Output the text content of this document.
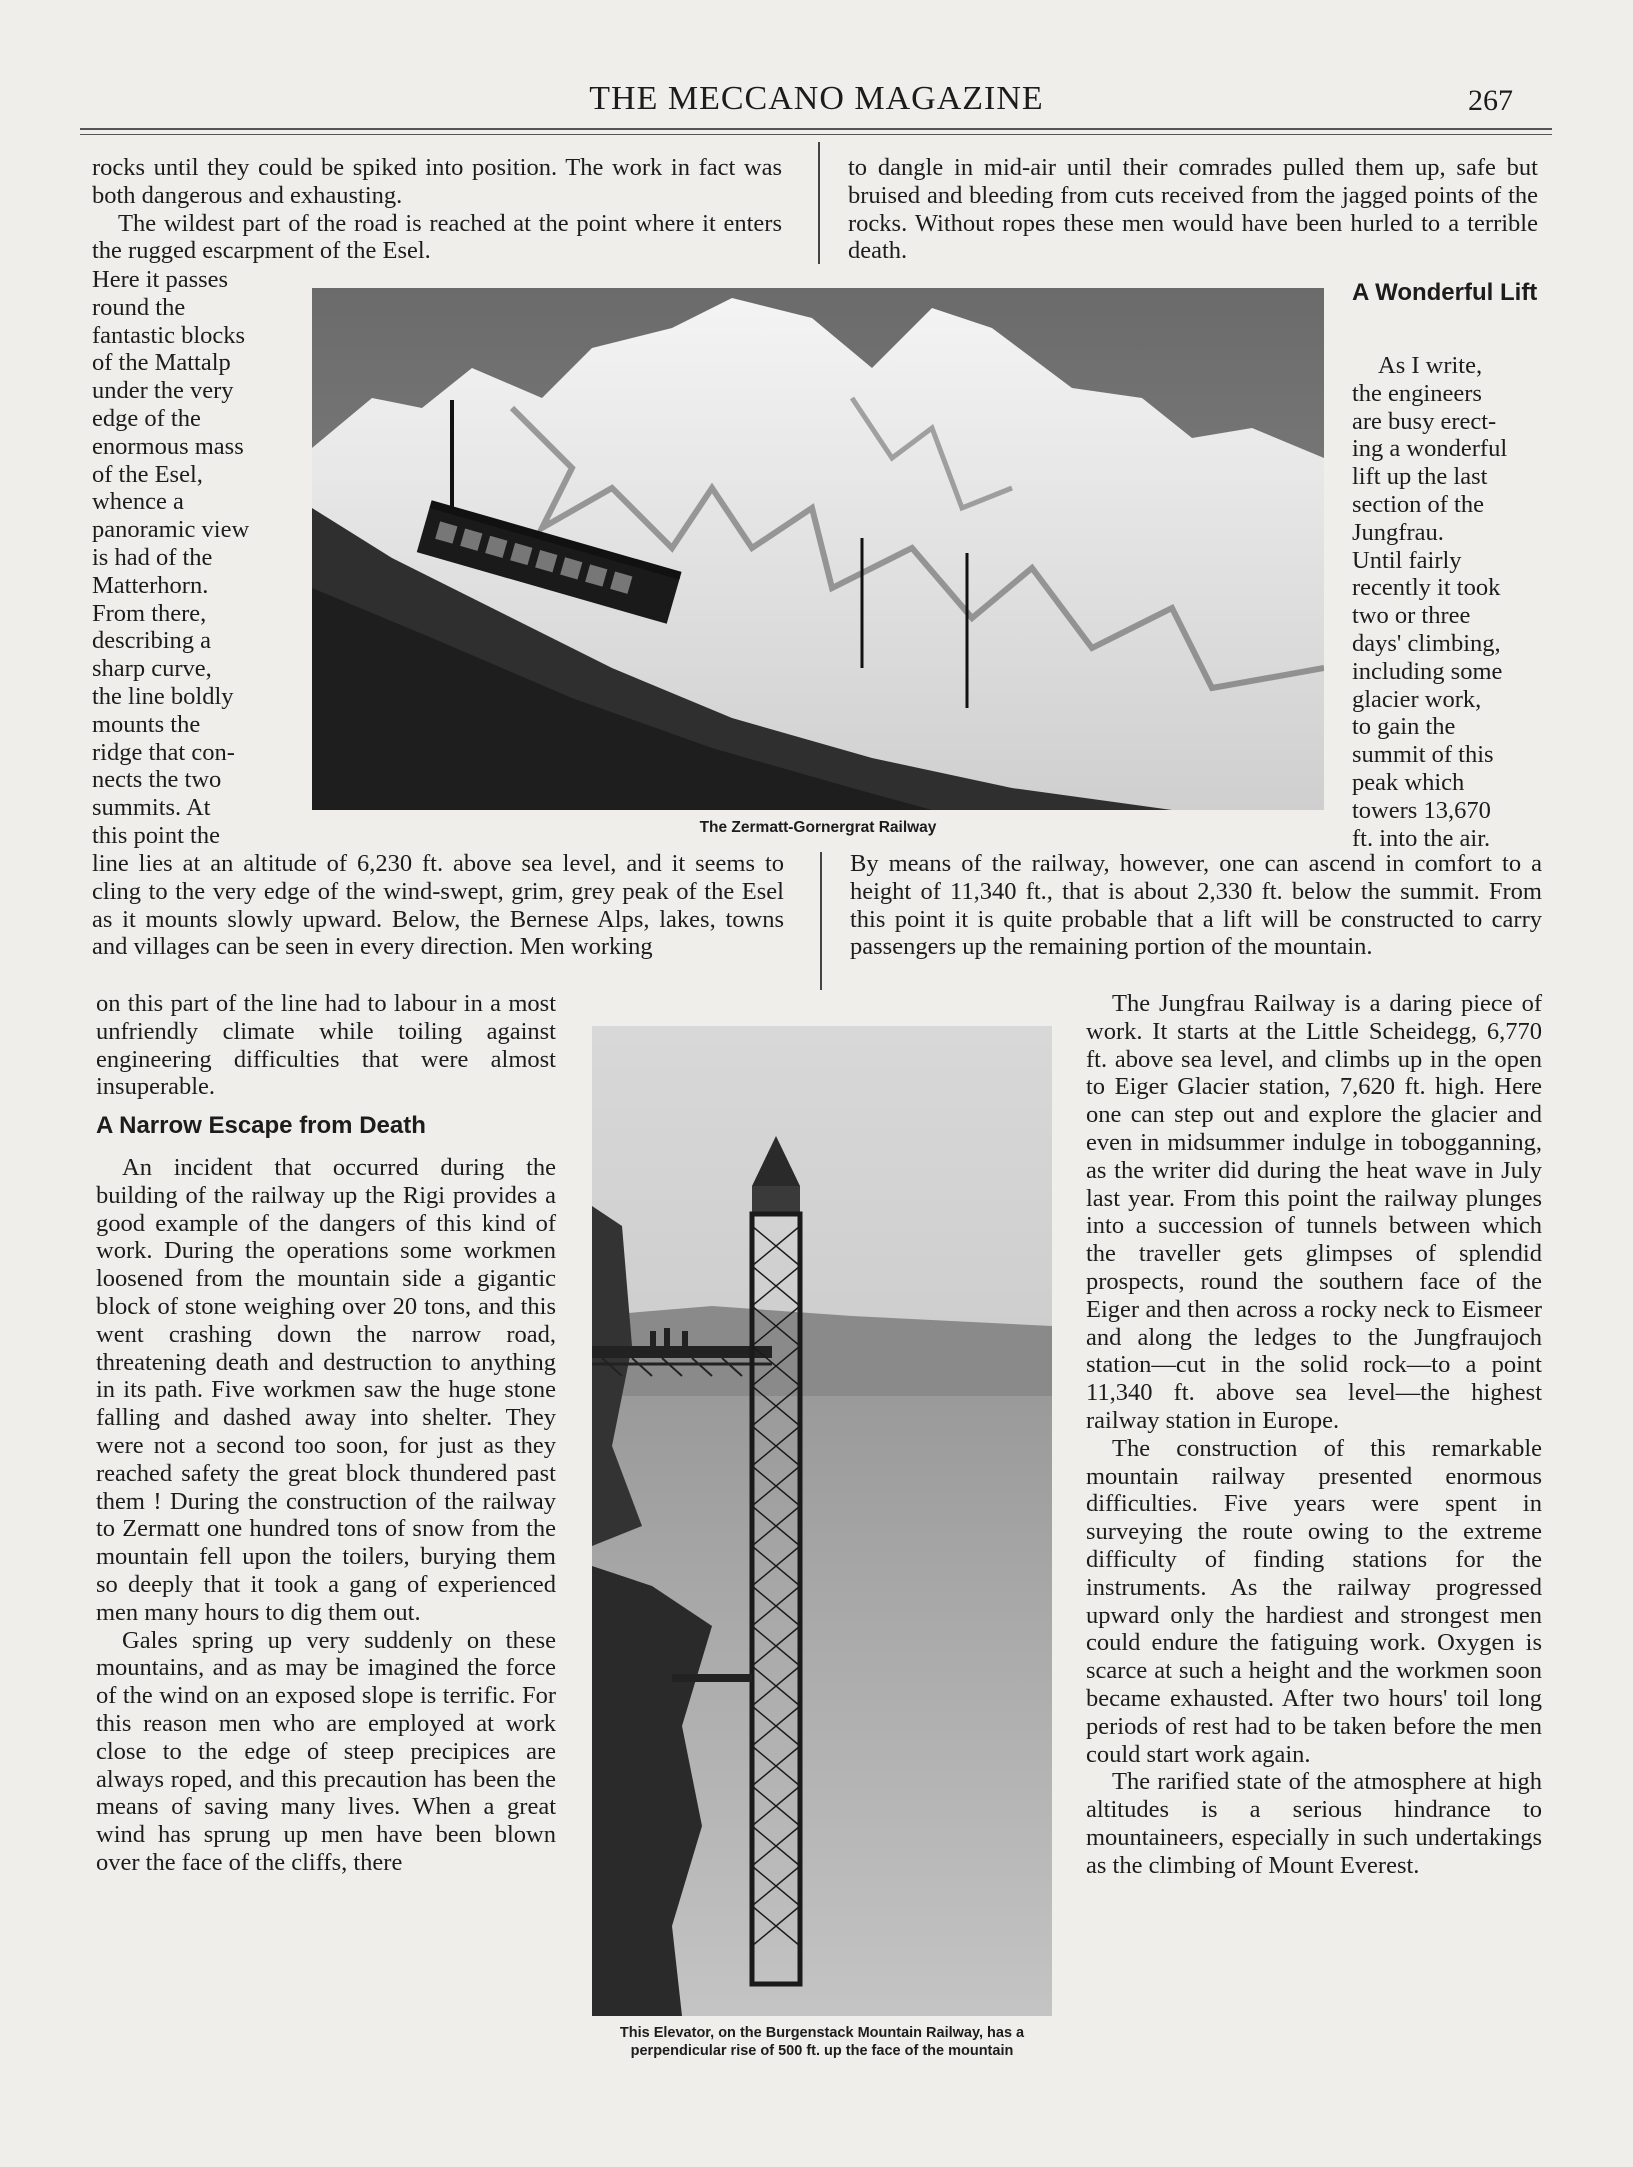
THE MECCANO MAGAZINE	267

rocks until they could be spiked into position. The work in fact was both dangerous and exhausting.

The wildest part of the road is reached at the point where it enters the rugged escarpment of the Esel.

to dangle in mid-air until their comrades pulled them up, safe but bruised and bleeding from cuts received from the jagged points of the rocks. Without ropes these men would have been hurled to a terrible death.

Here it passes
round the
fantastic blocks
of the Mattalp
under the very
edge of the
enormous mass
of the Esel,
whence a
panoramic view
is had of the
Matterhorn.
From there,
describing a
sharp curve,
the line boldly
mounts the
ridge that con-
nects the two
summits. At
this point the	The Zermatt-Gornergrat Railway
A Wonderful Lift
As I write,
the engineers
are busy erect-
ing a wonderful
lift up the last
section of the
Jungfrau.
Until fairly
recently it took
two or three
days' climbing,
including some
glacier work,
to gain the
summit of this
peak which
towers 13,670
ft. into the air.

line lies at an altitude of 6,230 ft. above sea level, and it seems to cling to the very edge of the wind-swept, grim, grey peak of the Esel as it mounts slowly upward. Below, the Bernese Alps, lakes, towns and villages can be seen in every direction. Men working

By means of the railway, however, one can ascend in comfort to a height of 11,340 ft., that is about 2,330 ft. below the summit. From this point it is quite probable that a lift will be constructed to carry passengers up the remaining portion of the mountain.

on this part of the line had to labour in a most unfriendly climate while toiling against engineering difficulties that were almost insuperable.

A Narrow Escape from Death

An incident that occurred during the building of the railway up the Rigi provides a good example of the dangers of this kind of work. During the operations some workmen loosened from the mountain side a gigantic block of stone weighing over 20 tons, and this went crashing down the narrow road, threatening death and destruction to anything in its path. Five workmen saw the huge stone falling and dashed away into shelter. They were not a second too soon, for just as they reached safety the great block thundered past them ! During the construction of the railway to Zermatt one hundred tons of snow from the mountain fell upon the toilers, burying them so deeply that it took a gang of experienced men many hours to dig them out.

Gales spring up very suddenly on these mountains, and as may be imagined the force of the wind on an exposed slope is terrific. For this reason men who are employed at work close to the edge of steep precipices are always roped, and this precaution has been the means of saving many lives. When a great wind has sprung up men have been blown over the face of the cliffs, there

This Elevator, on the Burgenstack Mountain Railway, has a perpendicular rise of 500 ft. up the face of the mountain

The Jungfrau Railway is a daring piece of work. It starts at the Little Scheidegg, 6,770 ft. above sea level, and climbs up in the open to Eiger Glacier station, 7,620 ft. high. Here one can step out and explore the glacier and even in midsummer indulge in tobogganning, as the writer did during the heat wave in July last year. From this point the railway plunges into a succession of tunnels between which the traveller gets glimpses of splendid prospects, round the southern face of the Eiger and then across a rocky neck to Eismeer and along the ledges to the Jungfraujoch station—cut in the solid rock—to a point 11,340 ft. above sea level—the highest railway station in Europe.

The construction of this remarkable mountain railway presented enormous difficulties. Five years were spent in surveying the route owing to the extreme difficulty of finding stations for the instruments. As the railway progressed upward only the hardiest and strongest men could endure the fatiguing work. Oxygen is scarce at such a height and the workmen soon became exhausted. After two hours' toil long periods of rest had to be taken before the men could start work again.

The rarified state of the atmosphere at high altitudes is a serious hindrance to mountaineers, especially in such undertakings as the climbing of Mount Everest.
